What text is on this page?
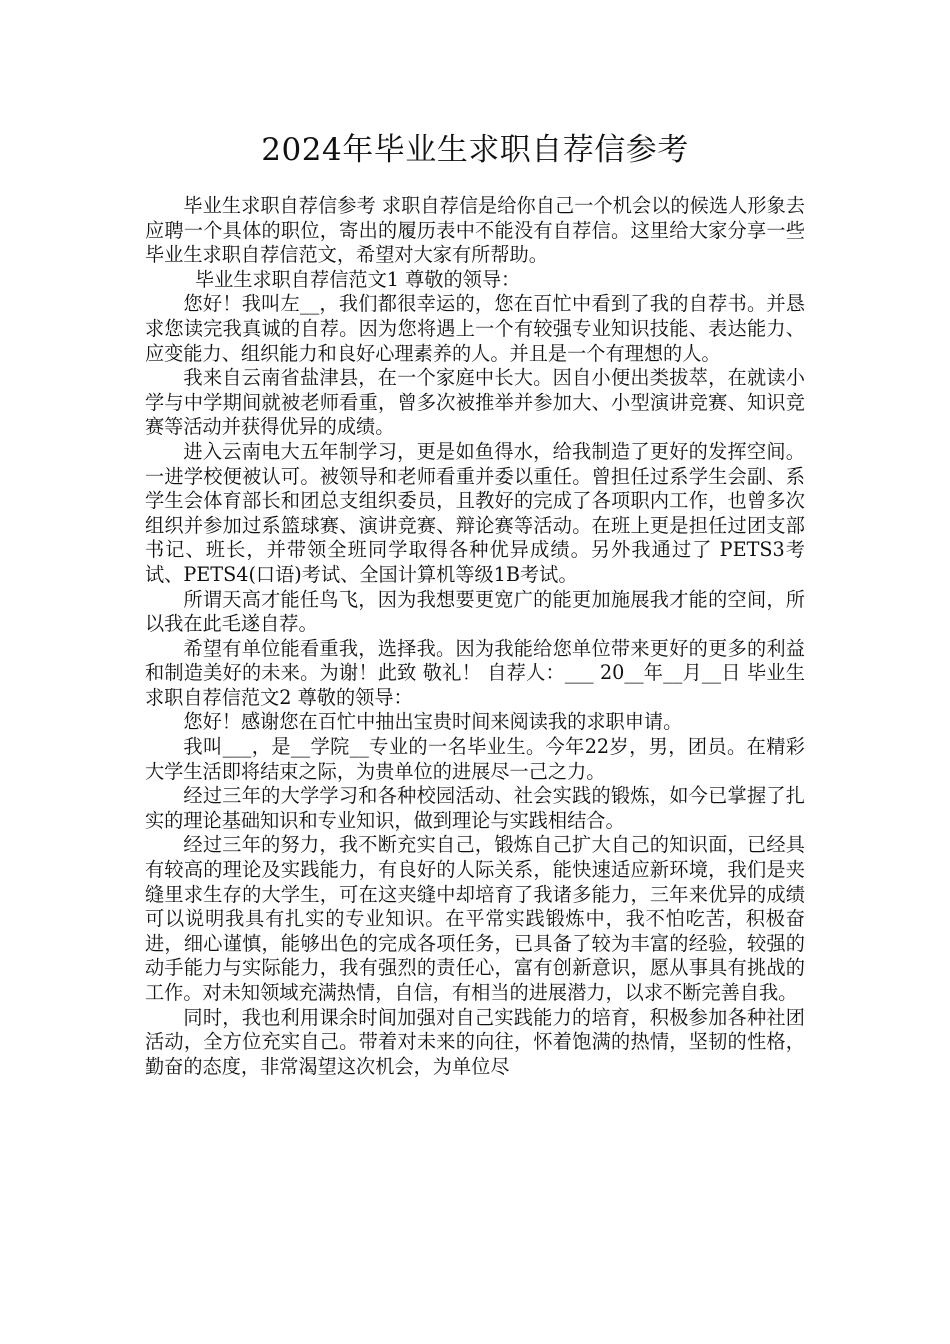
2024年毕业生求职自荐信参考

毕业生求职自荐信参考 求职自荐信是给你自己一个机会以的候选人形象去应聘一个具体的职位，寄出的履历表中不能没有自荐信。这里给大家分享一些毕业生求职自荐信范文，希望对大家有所帮助。

毕业生求职自荐信范文1 尊敬的领导：

您好！我叫左__，我们都很幸运的，您在百忙中看到了我的自荐书。并恳求您读完我真诚的自荐。因为您将遇上一个有较强专业知识技能、表达能力、应变能力、组织能力和良好心理素养的人。并且是一个有理想的人。

我来自云南省盐津县，在一个家庭中长大。因自小便出类拔萃，在就读小学与中学期间就被老师看重，曾多次被推举并参加大、小型演讲竞赛、知识竞赛等活动并获得优异的成绩。

进入云南电大五年制学习，更是如鱼得水，给我制造了更好的发挥空间。一进学校便被认可。被领导和老师看重并委以重任。曾担任过系学生会副、系学生会体育部长和团总支组织委员，且教好的完成了各项职内工作，也曾多次组织并参加过系篮球赛、演讲竞赛、辩论赛等活动。在班上更是担任过团支部书记、班长，并带领全班同学取得各种优异成绩。另外我通过了 PETS3考试、PETS4(口语)考试、全国计算机等级1B考试。

所谓天高才能任鸟飞，因为我想要更宽广的能更加施展我才能的空间，所以我在此毛遂自荐。

希望有单位能看重我，选择我。因为我能给您单位带来更好的更多的利益和制造美好的未来。为谢！此致 敬礼！ 自荐人：___ 20__年__月__日 毕业生求职自荐信范文2 尊敬的领导：

您好！感谢您在百忙中抽出宝贵时间来阅读我的求职申请。

我叫___，是__学院__专业的一名毕业生。今年22岁，男，团员。在精彩大学生活即将结束之际，为贵单位的进展尽一己之力。

经过三年的大学学习和各种校园活动、社会实践的锻炼，如今已掌握了扎实的理论基础知识和专业知识，做到理论与实践相结合。

经过三年的努力，我不断充实自己，锻炼自己扩大自己的知识面，已经具有较高的理论及实践能力，有良好的人际关系，能快速适应新环境，我们是夹缝里求生存的大学生，可在这夹缝中却培育了我诸多能力，三年来优异的成绩可以说明我具有扎实的专业知识。在平常实践锻炼中，我不怕吃苦，积极奋进，细心谨慎，能够出色的完成各项任务，已具备了较为丰富的经验，较强的动手能力与实际能力，我有强烈的责任心，富有创新意识，愿从事具有挑战的工作。对未知领域充满热情，自信，有相当的进展潜力，以求不断完善自我。

同时，我也利用课余时间加强对自己实践能力的培育，积极参加各种社团活动，全方位充实自己。带着对未来的向往，怀着饱满的热情，坚韧的性格，勤奋的态度，非常渴望这次机会，为单位尽
